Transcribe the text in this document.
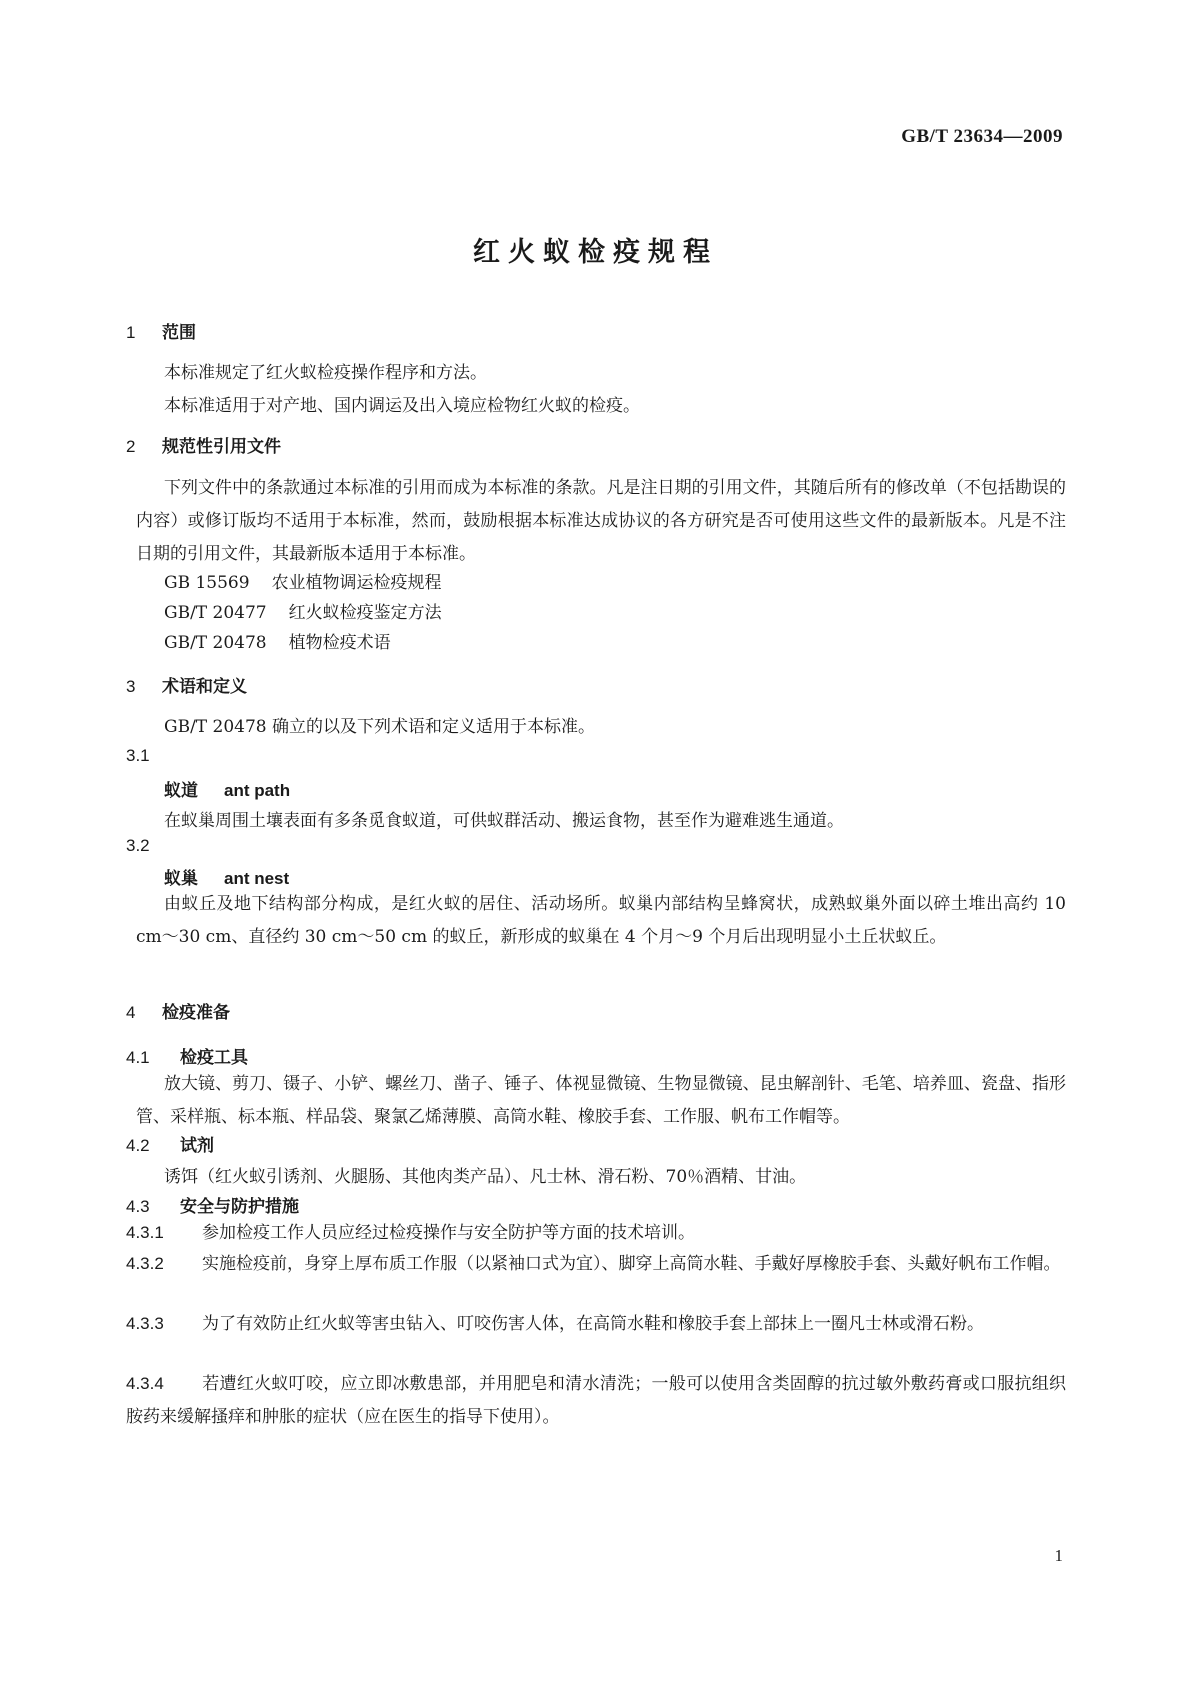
GB/T 23634—2009
红火蚁检疫规程
1 范围
本标准规定了红火蚁检疫操作程序和方法。
本标准适用于对产地、国内调运及出入境应检物红火蚁的检疫。
2 规范性引用文件
下列文件中的条款通过本标准的引用而成为本标准的条款。凡是注日期的引用文件，其随后所有的修改单（不包括勘误的内容）或修订版均不适用于本标准，然而，鼓励根据本标准达成协议的各方研究是否可使用这些文件的最新版本。凡是不注日期的引用文件，其最新版本适用于本标准。
GB 15569 农业植物调运检疫规程
GB/T 20477 红火蚁检疫鉴定方法
GB/T 20478 植物检疫术语
3 术语和定义
GB/T 20478 确立的以及下列术语和定义适用于本标准。
3.1
蚁道 ant path
在蚁巢周围土壤表面有多条觅食蚁道，可供蚁群活动、搬运食物，甚至作为避难逃生通道。
3.2
蚁巢 ant nest
由蚁丘及地下结构部分构成，是红火蚁的居住、活动场所。蚁巢内部结构呈蜂窝状，成熟蚁巢外面以碎土堆出高约 10 cm～30 cm、直径约 30 cm～50 cm 的蚁丘，新形成的蚁巢在 4 个月～9 个月后出现明显小土丘状蚁丘。
4 检疫准备
4.1 检疫工具
放大镜、剪刀、镊子、小铲、螺丝刀、凿子、锤子、体视显微镜、生物显微镜、昆虫解剖针、毛笔、培养皿、瓷盘、指形管、采样瓶、标本瓶、样品袋、聚氯乙烯薄膜、高筒水鞋、橡胶手套、工作服、帆布工作帽等。
4.2 试剂
诱饵（红火蚁引诱剂、火腿肠、其他肉类产品）、凡士林、滑石粉、70％酒精、甘油。
4.3 安全与防护措施
4.3.1 参加检疫工作人员应经过检疫操作与安全防护等方面的技术培训。
4.3.2 实施检疫前，身穿上厚布质工作服（以紧袖口式为宜）、脚穿上高筒水鞋、手戴好厚橡胶手套、头戴好帆布工作帽。
4.3.3 为了有效防止红火蚁等害虫钻入、叮咬伤害人体，在高筒水鞋和橡胶手套上部抹上一圈凡士林或滑石粉。
4.3.4 若遭红火蚁叮咬，应立即冰敷患部，并用肥皂和清水清洗；一般可以使用含类固醇的抗过敏外敷药膏或口服抗组织胺药来缓解搔痒和肿胀的症状（应在医生的指导下使用）。
1
